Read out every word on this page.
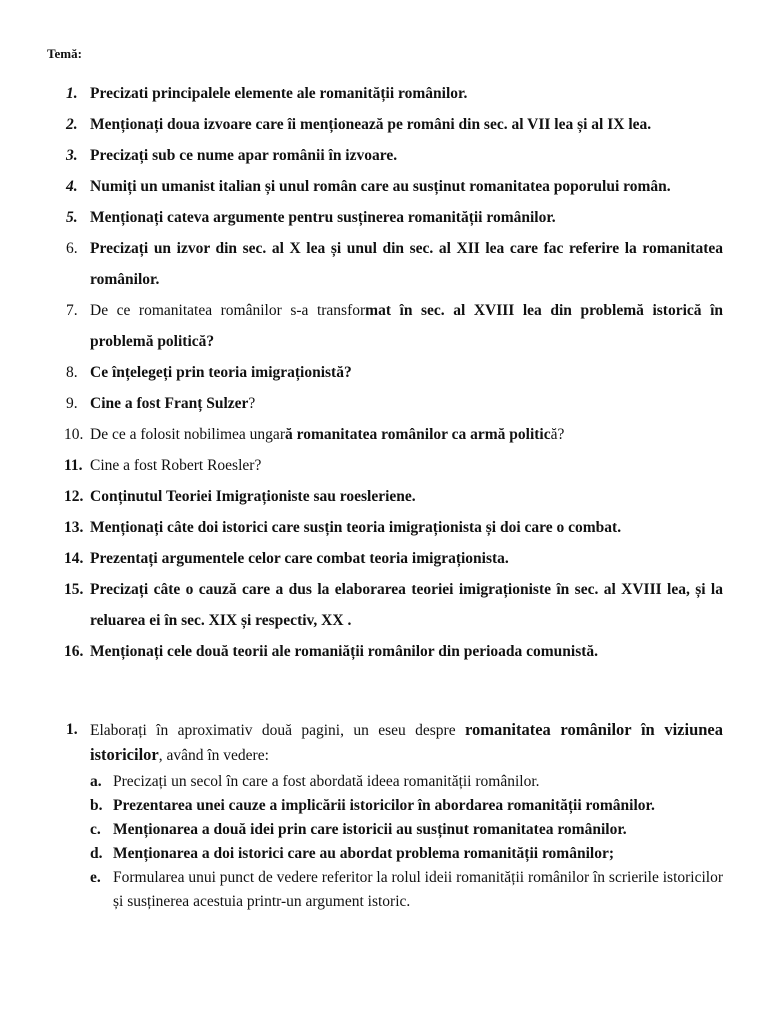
Temă:
1. Precizati principalele elemente ale romanității românilor.
2. Menționați doua izvoare care îi menționează pe români din sec. al VII lea și al IX lea.
3. Precizați sub ce nume apar românii în izvoare.
4. Numiți un umanist italian și unul român care au susținut romanitatea poporului român.
5. Menționați cateva argumente pentru susținerea romanității românilor.
6. Precizați un izvor din sec. al X lea și unul din sec. al XII lea care fac referire la romanitatea românilor.
7. De ce romanitatea românilor s-a transformat în sec. al XVIII lea din problemă istorică în problemă politică?
8. Ce înțelegeți prin teoria imigraționistă?
9. Cine a fost Franț Sulzer?
10. De ce a folosit nobilimea ungară romanitatea românilor ca armă politică?
11. Cine a fost Robert Roesler?
12. Conținutul Teoriei Imigraționiste sau roesleriene.
13. Menționați câte doi istorici care susțin teoria imigraționista și doi care o combat.
14. Prezentați argumentele celor care combat teoria imigraționista.
15. Precizați câte o cauză care a dus la elaborarea teoriei imigraționiste în sec. al XVIII lea, și la reluarea ei în sec. XIX și respectiv, XX .
16. Menționați cele două teorii ale romaniății românilor din perioada comunistă.
1. Elaborați în aproximativ două pagini, un eseu despre romanitatea românilor în viziunea istoricilor, având în vedere:
a. Precizați un secol în care a fost abordată ideea romanității românilor.
b. Prezentarea unei cauze a implicării istoricilor în abordarea romanității românilor.
c. Menționarea a două idei prin care istoricii au susținut romanitatea românilor.
d. Menționarea a doi istorici care au abordat problema romanității românilor;
e. Formularea unui punct de vedere referitor la rolul ideii romanității românilor în scrierile istoricilor și susținerea acestuia printr-un argument istoric.
